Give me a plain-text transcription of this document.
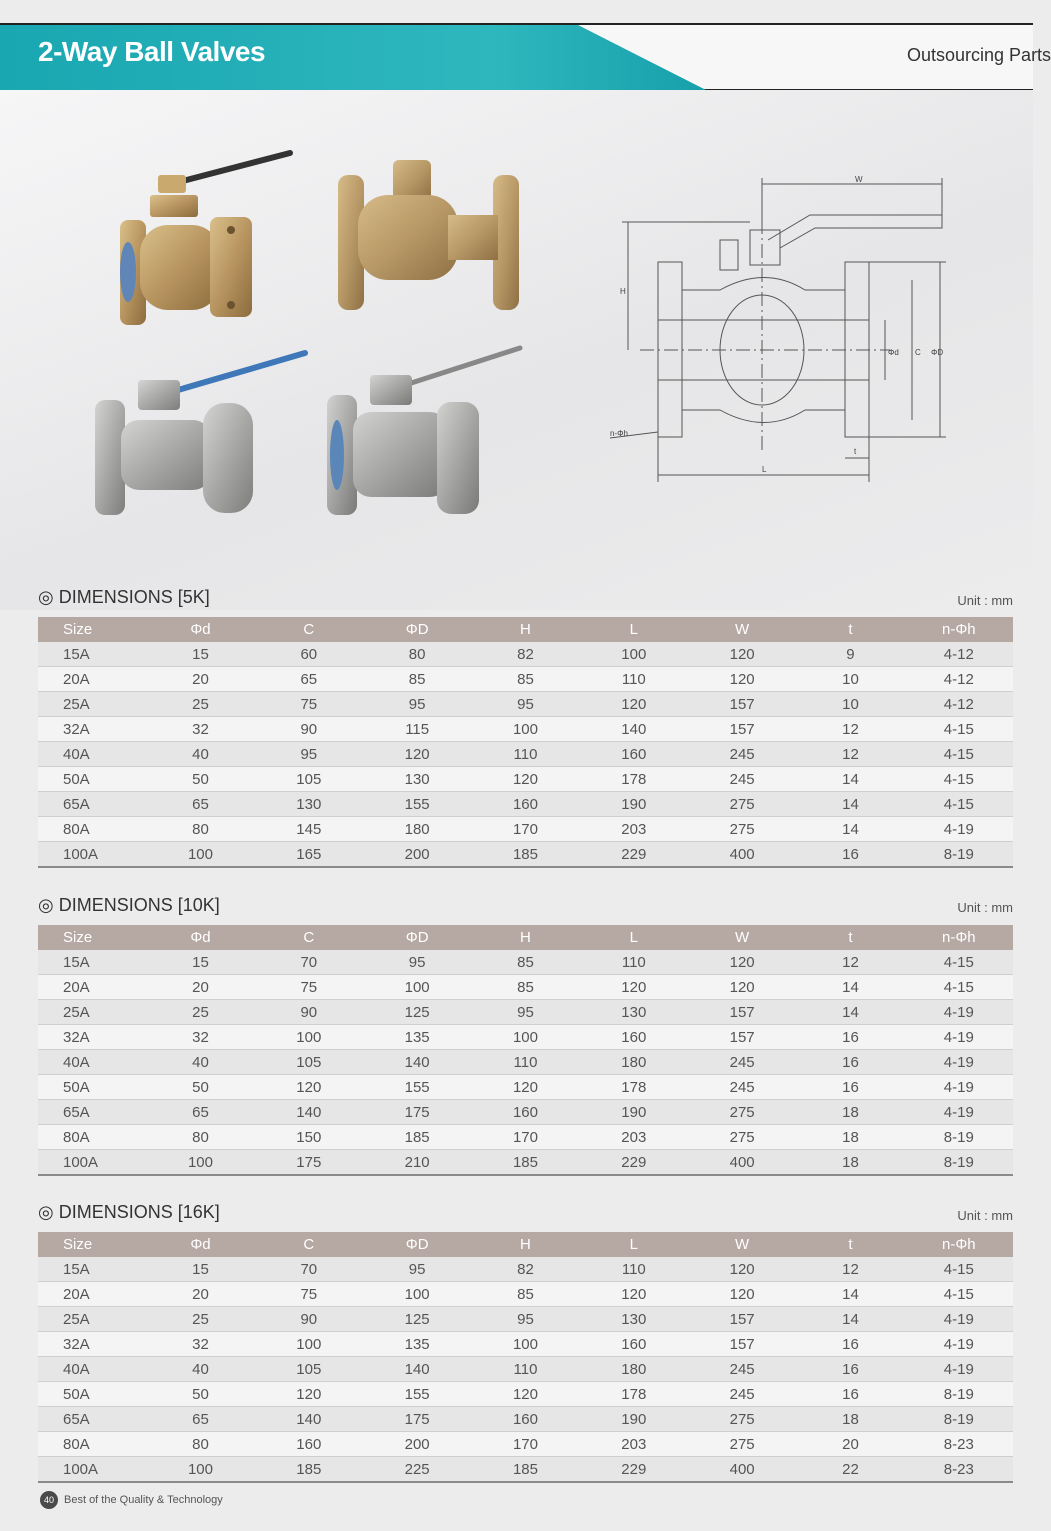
2-Way Ball Valves	Outsourcing Parts
W
H
Φd C ΦD
n-Φh
t
L
◎ DIMENSIONS [5K]	Unit : mm
Size	Φd	C	ΦD	H	L	W	t	n-Φh
15A	15	60	80	82	100	120	9	4-12
20A	20	65	85	85	110	120	10	4-12
25A	25	75	95	95	120	157	10	4-12
32A	32	90	115	100	140	157	12	4-15
40A	40	95	120	110	160	245	12	4-15
50A	50	105	130	120	178	245	14	4-15
65A	65	130	155	160	190	275	14	4-15
80A	80	145	180	170	203	275	14	4-19
100A	100	165	200	185	229	400	16	8-19
◎ DIMENSIONS [10K]	Unit : mm
Size	Φd	C	ΦD	H	L	W	t	n-Φh
15A	15	70	95	85	110	120	12	4-15
20A	20	75	100	85	120	120	14	4-15
25A	25	90	125	95	130	157	14	4-19
32A	32	100	135	100	160	157	16	4-19
40A	40	105	140	110	180	245	16	4-19
50A	50	120	155	120	178	245	16	4-19
65A	65	140	175	160	190	275	18	4-19
80A	80	150	185	170	203	275	18	8-19
100A	100	175	210	185	229	400	18	8-19
◎ DIMENSIONS [16K]	Unit : mm
Size	Φd	C	ΦD	H	L	W	t	n-Φh
15A	15	70	95	82	110	120	12	4-15
20A	20	75	100	85	120	120	14	4-15
25A	25	90	125	95	130	157	14	4-19
32A	32	100	135	100	160	157	16	4-19
40A	40	105	140	110	180	245	16	4-19
50A	50	120	155	120	178	245	16	8-19
65A	65	140	175	160	190	275	18	8-19
80A	80	160	200	170	203	275	20	8-23
100A	100	185	225	185	229	400	22	8-23
40 Best of the Quality & Technology
